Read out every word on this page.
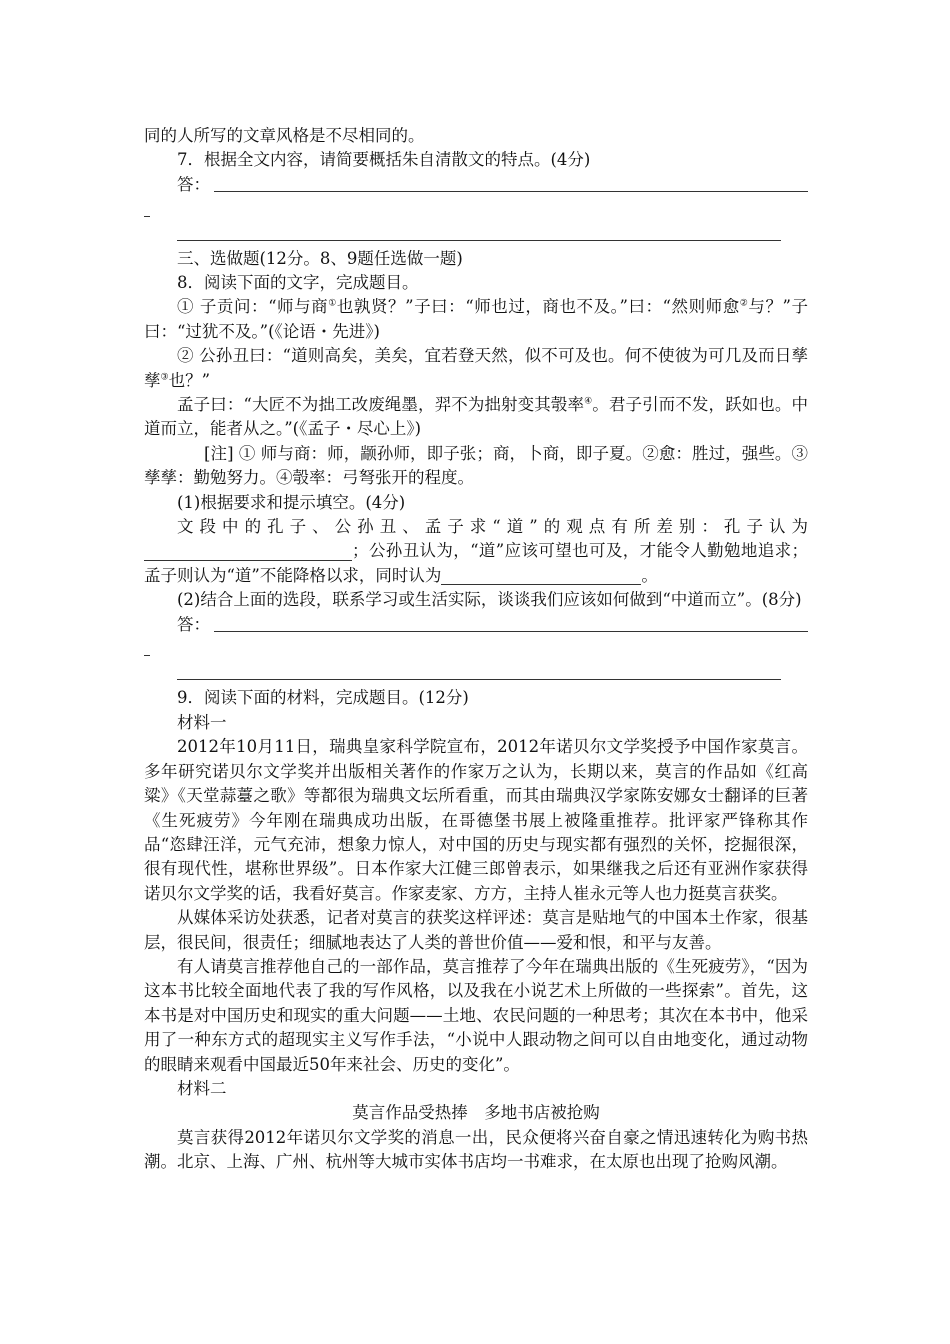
同的人所写的文章风格是不尽相同的。

7．根据全文内容，请简要概括朱自清散文的特点。(4分)

答：

三、选做题(12分。8、9题任选做一题)

8．阅读下面的文字，完成题目。

① 子贡问：“师与商①也孰贤？”子曰：“师也过，商也不及。”曰：“然则师愈②与？”子曰：“过犹不及。”(《论语・先进》)

② 公孙丑曰：“道则高矣，美矣，宜若登天然，似不可及也。何不使彼为可几及而日孳孳③也？”

孟子曰：“大匠不为拙工改废绳墨，羿不为拙射变其彀率④。君子引而不发，跃如也。中道而立，能者从之。”(《孟子・尽心上》)

[注] ① 师与商：师，颛孙师，即子张；商，卜商，即子夏。②愈：胜过，强些。③孳孳：勤勉努力。④彀率：弓弩张开的程度。

(1)根据要求和提示填空。(4分)

文段中的孔子、公孙丑、孟子求“道”的观点有所差别：孔子认为；公孙丑认为，“道”应该可望也可及，才能令人勤勉地追求；孟子则认为“道”不能降格以求，同时认为	。

(2)结合上面的选段，联系学习或生活实际，谈谈我们应该如何做到“中道而立”。(8分)

答：

9．阅读下面的材料，完成题目。(12分)

材料一

2012年10月11日，瑞典皇家科学院宣布，2012年诺贝尔文学奖授予中国作家莫言。多年研究诺贝尔文学奖并出版相关著作的作家万之认为，长期以来，莫言的作品如《红高粱》《天堂蒜薹之歌》等都很为瑞典文坛所看重，而其由瑞典汉学家陈安娜女士翻译的巨著《生死疲劳》今年刚在瑞典成功出版，在哥德堡书展上被隆重推荐。批评家严锋称其作品“恣肆汪洋，元气充沛，想象力惊人，对中国的历史与现实都有强烈的关怀，挖掘很深，很有现代性，堪称世界级”。日本作家大江健三郎曾表示，如果继我之后还有亚洲作家获得诺贝尔文学奖的话，我看好莫言。作家麦家、方方，主持人崔永元等人也力挺莫言获奖。

从媒体采访处获悉，记者对莫言的获奖这样评述：莫言是贴地气的中国本土作家，很基层，很民间，很责任；细腻地表达了人类的普世价值——爱和恨，和平与友善。

有人请莫言推荐他自己的一部作品，莫言推荐了今年在瑞典出版的《生死疲劳》，“因为这本书比较全面地代表了我的写作风格，以及我在小说艺术上所做的一些探索”。首先，这本书是对中国历史和现实的重大问题——土地、农民问题的一种思考；其次在本书中，他采用了一种东方式的超现实主义写作手法，“小说中人跟动物之间可以自由地变化，通过动物的眼睛来观看中国最近50年来社会、历史的变化”。

材料二

莫言作品受热捧　多地书店被抢购

莫言获得2012年诺贝尔文学奖的消息一出，民众便将兴奋自豪之情迅速转化为购书热潮。北京、上海、广州、杭州等大城市实体书店均一书难求，在太原也出现了抢购风潮。
